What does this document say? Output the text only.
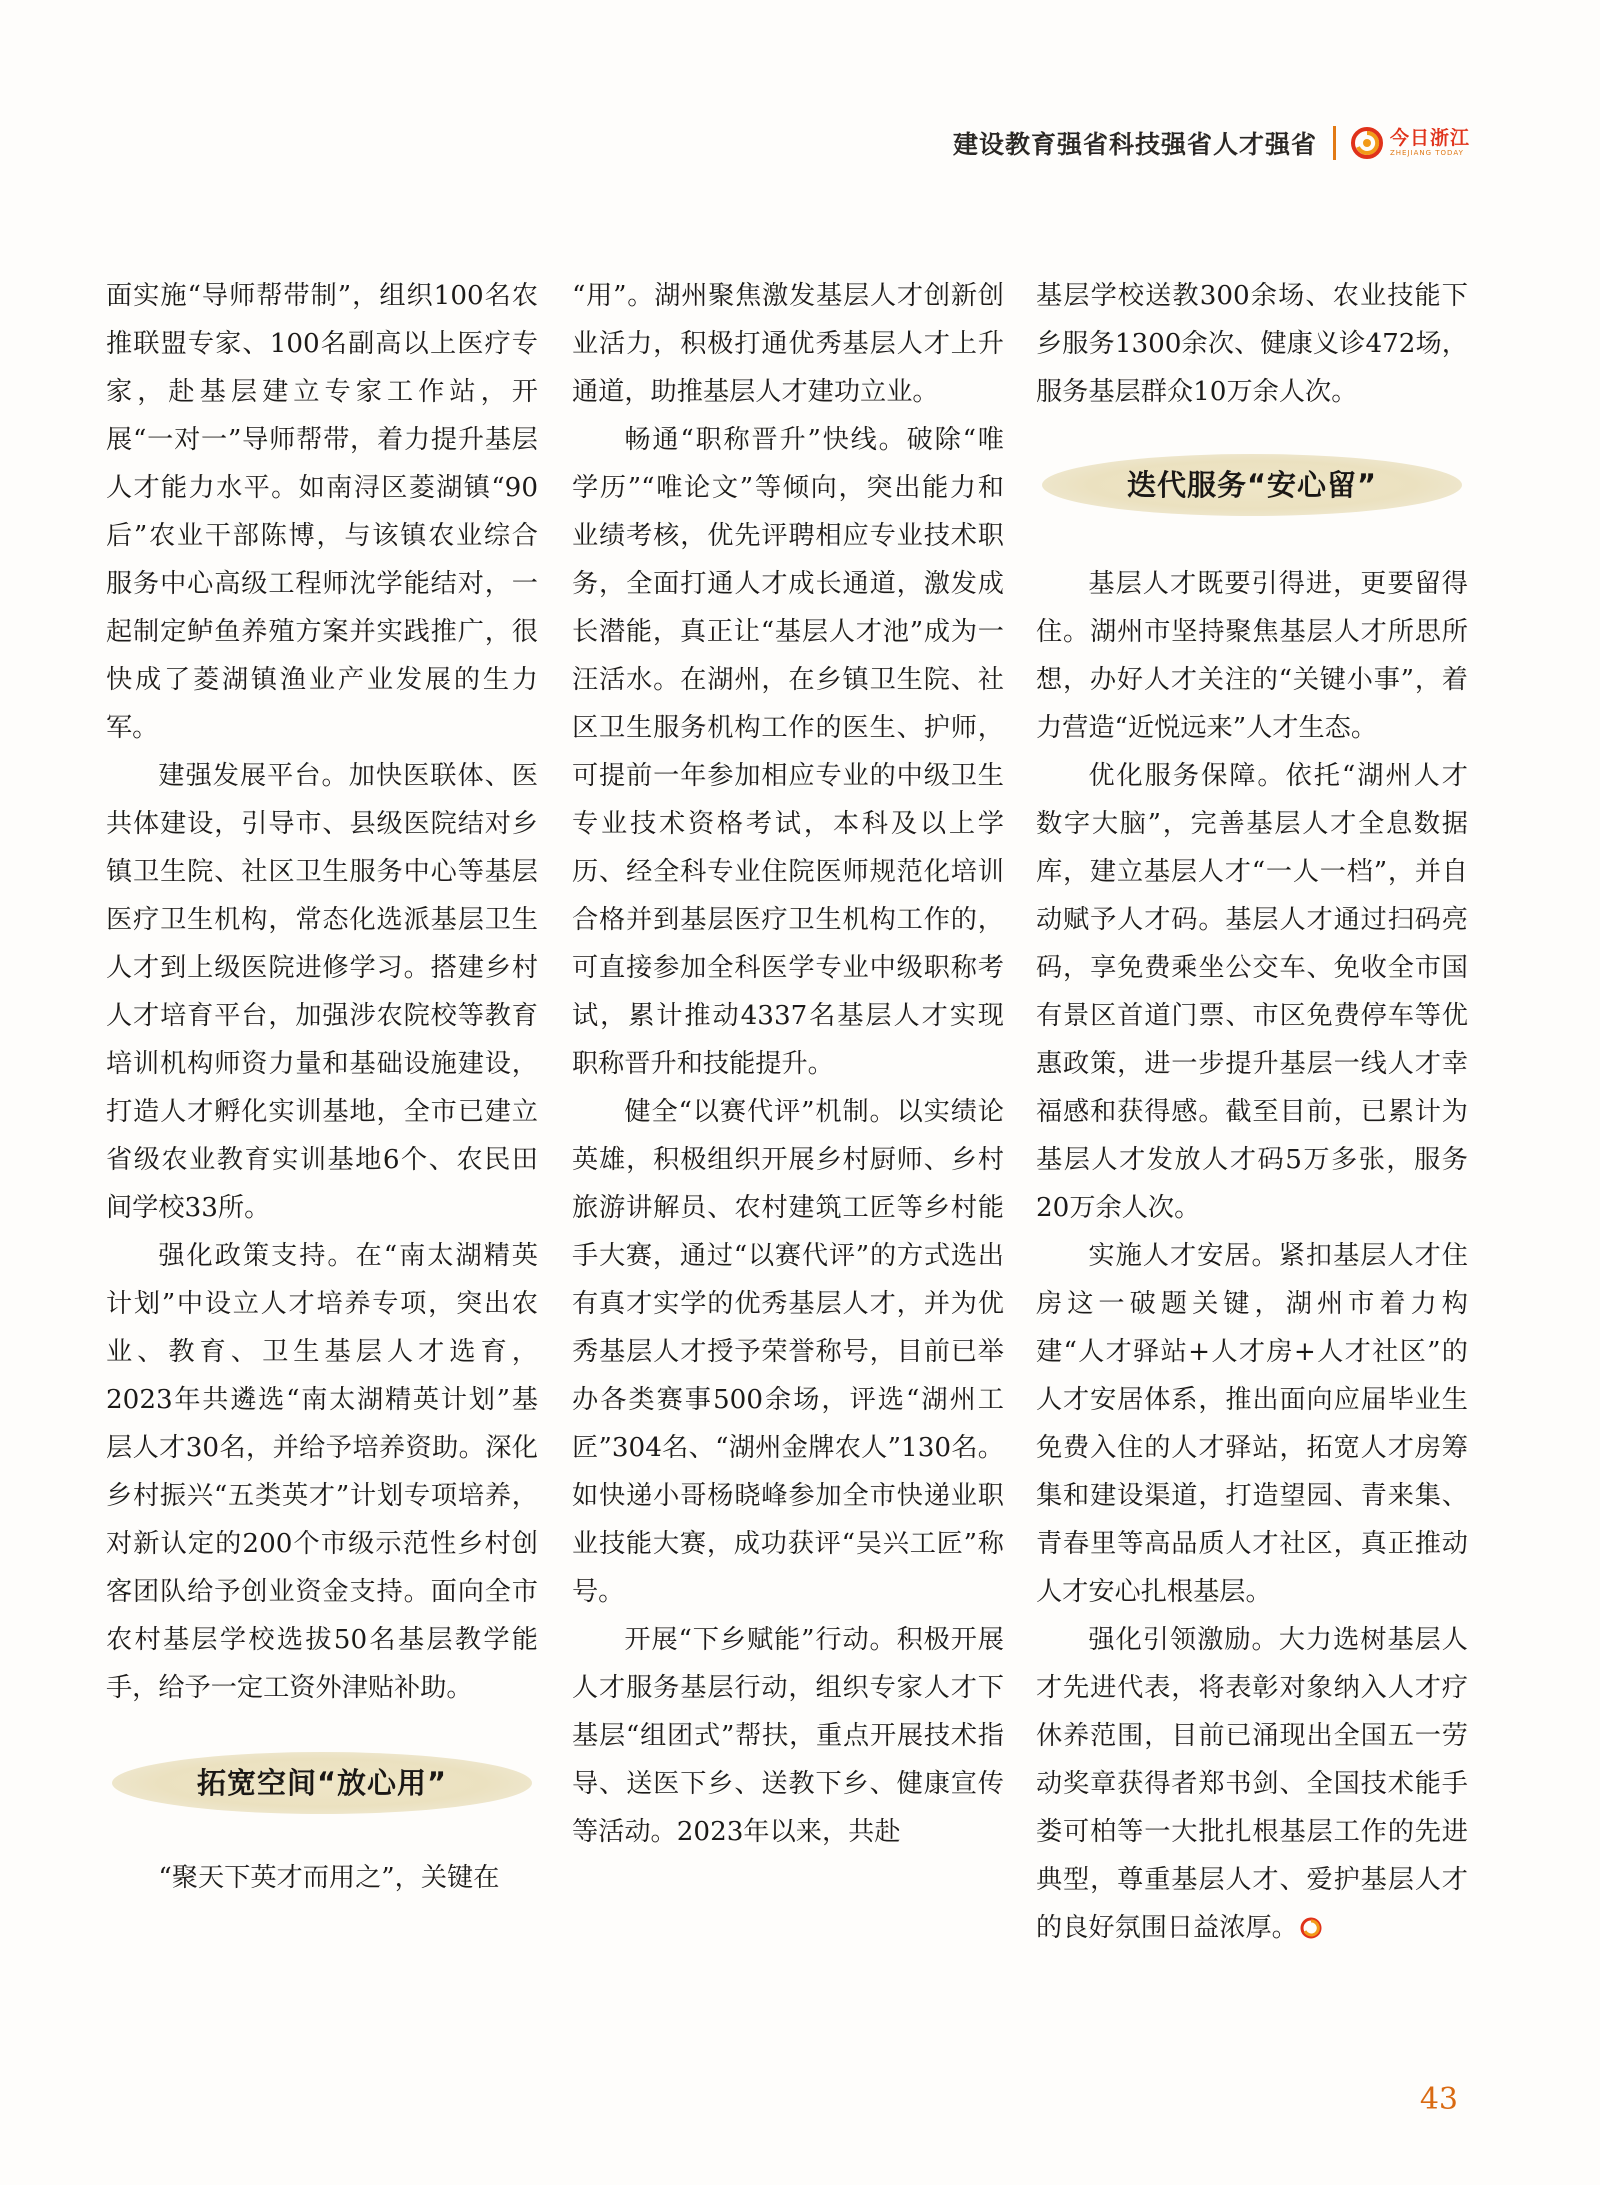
建设教育强省科技强省人才强省	今日浙江
ZHEJIANG TODAY

面实施“导师帮带制”，组织100名农推联盟专家、100名副高以上医疗专家，赴基层建立专家工作站，开展“一对一”导师帮带，着力提升基层人才能力水平。如南浔区菱湖镇“90后”农业干部陈博，与该镇农业综合服务中心高级工程师沈学能结对，一起制定鲈鱼养殖方案并实践推广，很快成了菱湖镇渔业产业发展的生力军。

建强发展平台。加快医联体、医共体建设，引导市、县级医院结对乡镇卫生院、社区卫生服务中心等基层医疗卫生机构，常态化选派基层卫生人才到上级医院进修学习。搭建乡村人才培育平台，加强涉农院校等教育培训机构师资力量和基础设施建设，打造人才孵化实训基地，全市已建立省级农业教育实训基地6个、农民田间学校33所。

强化政策支持。在“南太湖精英计划”中设立人才培养专项，突出农业、教育、卫生基层人才选育，2023年共遴选“南太湖精英计划”基层人才30名，并给予培养资助。深化乡村振兴“五类英才”计划专项培养，对新认定的200个市级示范性乡村创客团队给予创业资金支持。面向全市农村基层学校选拔50名基层教学能手，给予一定工资外津贴补助。

拓宽空间“放心用”

“聚天下英才而用之”，关键在

“用”。湖州聚焦激发基层人才创新创业活力，积极打通优秀基层人才上升通道，助推基层人才建功立业。

畅通“职称晋升”快线。破除“唯学历”“唯论文”等倾向，突出能力和业绩考核，优先评聘相应专业技术职务，全面打通人才成长通道，激发成长潜能，真正让“基层人才池”成为一汪活水。在湖州，在乡镇卫生院、社区卫生服务机构工作的医生、护师，可提前一年参加相应专业的中级卫生专业技术资格考试，本科及以上学历、经全科专业住院医师规范化培训合格并到基层医疗卫生机构工作的，可直接参加全科医学专业中级职称考试，累计推动4337名基层人才实现职称晋升和技能提升。

健全“以赛代评”机制。以实绩论英雄，积极组织开展乡村厨师、乡村旅游讲解员、农村建筑工匠等乡村能手大赛，通过“以赛代评”的方式选出有真才实学的优秀基层人才，并为优秀基层人才授予荣誉称号，目前已举办各类赛事500余场，评选“湖州工匠”304名、“湖州金牌农人”130名。如快递小哥杨晓峰参加全市快递业职业技能大赛，成功获评“吴兴工匠”称号。

开展“下乡赋能”行动。积极开展人才服务基层行动，组织专家人才下基层“组团式”帮扶，重点开展技术指导、送医下乡、送教下乡、健康宣传等活动。2023年以来，共赴

基层学校送教300余场、农业技能下乡服务1300余次、健康义诊472场，服务基层群众10万余人次。

迭代服务“安心留”

基层人才既要引得进，更要留得住。湖州市坚持聚焦基层人才所思所想，办好人才关注的“关键小事”，着力营造“近悦远来”人才生态。

优化服务保障。依托“湖州人才数字大脑”，完善基层人才全息数据库，建立基层人才“一人一档”，并自动赋予人才码。基层人才通过扫码亮码，享免费乘坐公交车、免收全市国有景区首道门票、市区免费停车等优惠政策，进一步提升基层一线人才幸福感和获得感。截至目前，已累计为基层人才发放人才码5万多张，服务20万余人次。

实施人才安居。紧扣基层人才住房这一破题关键，湖州市着力构建“人才驿站+人才房+人才社区”的人才安居体系，推出面向应届毕业生免费入住的人才驿站，拓宽人才房筹集和建设渠道，打造望园、青来集、青春里等高品质人才社区，真正推动人才安心扎根基层。

强化引领激励。大力选树基层人才先进代表，将表彰对象纳入人才疗休养范围，目前已涌现出全国五一劳动奖章获得者郑书剑、全国技术能手娄可柏等一大批扎根基层工作的先进典型，尊重基层人才、爱护基层人才的良好氛围日益浓厚。

43
